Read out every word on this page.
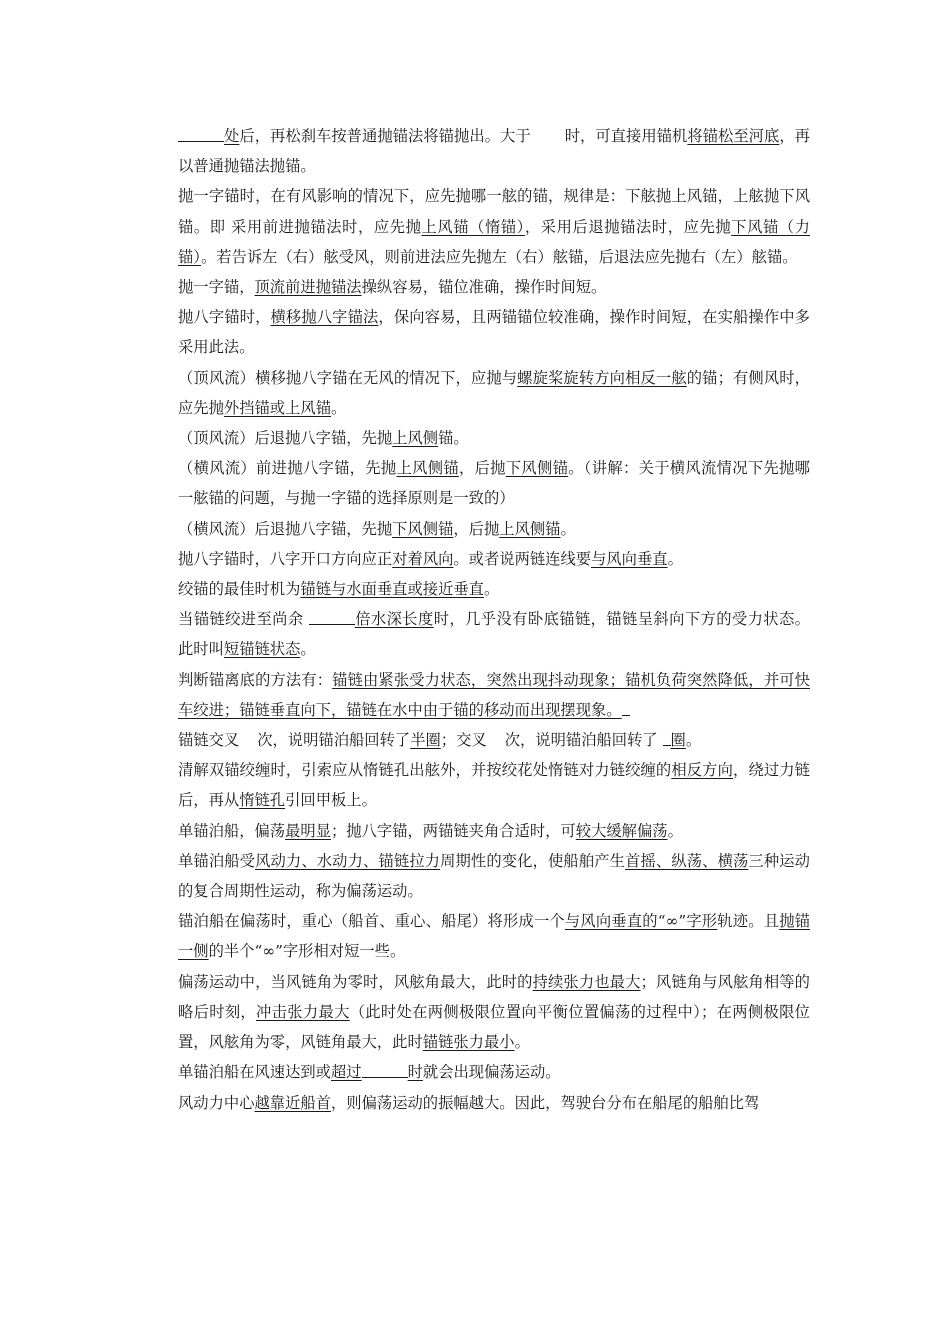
处后，再松刹车按普通抛锚法将锚抛出。大于 时，可直接用锚机将锚松至河底，再以普通抛锚法抛锚。

抛一字锚时，在有风影响的情况下，应先抛哪一舷的锚，规律是：下舷抛上风锚，上舷抛下风锚。即 采用前进抛锚法时，应先抛上风锚（惰锚），采用后退抛锚法时，应先抛下风锚（力锚）。若告诉左（右）舷受风，则前进法应先抛左（右）舷锚，后退法应先抛右（左）舷锚。

抛一字锚，顶流前进抛锚法操纵容易，锚位准确，操作时间短。

抛八字锚时，横移抛八字锚法，保向容易，且两锚锚位较准确，操作时间短，在实船操作中多采用此法。

（顶风流）横移抛八字锚在无风的情况下，应抛与螺旋桨旋转方向相反一舷的锚；有侧风时，应先抛外挡锚或上风锚。

（顶风流）后退抛八字锚，先抛上风侧锚。

（横风流）前进抛八字锚，先抛上风侧锚，后抛下风侧锚。（讲解：关于横风流情况下先抛哪一舷锚的问题，与抛一字锚的选择原则是一致的）

（横风流）后退抛八字锚，先抛下风侧锚，后抛上风侧锚。

抛八字锚时，八字开口方向应正对着风向。或者说两链连线要与风向垂直。

绞锚的最佳时机为锚链与水面垂直或接近垂直。

当锚链绞进至尚余	倍水深长度时，几乎没有卧底锚链，锚链呈斜向下方的受力状态。此时叫短锚链状态。

判断锚离底的方法有：锚链由紧张受力状态，突然出现抖动现象；锚机负荷突然降低，并可快车绞进；锚链垂直向下，锚链在水中由于锚的移动而出现摆现象。

锚链交叉 次，说明锚泊船回转了半圈；交叉 次，说明锚泊船回转了  圈。

清解双锚绞缠时，引索应从惰链孔出舷外，并按绞花处惰链对力链绞缠的相反方向，绕过力链后，再从惰链孔引回甲板上。

单锚泊船，偏荡最明显；抛八字锚，两锚链夹角合适时，可较大缓解偏荡。

单锚泊船受风动力、水动力、锚链拉力周期性的变化，使船舶产生首摇、纵荡、横荡三种运动的复合周期性运动，称为偏荡运动。

锚泊船在偏荡时，重心（船首、重心、船尾）将形成一个与风向垂直的“∞”字形轨迹。且抛锚一侧的半个“∞”字形相对短一些。

偏荡运动中，当风链角为零时，风舷角最大，此时的持续张力也最大；风链角与风舷角相等的略后时刻，冲击张力最大（此时处在两侧极限位置向平衡位置偏荡的过程中）；在两侧极限位置，风舷角为零，风链角最大，此时锚链张力最小。

单锚泊船在风速达到或超过	时就会出现偏荡运动。

风动力中心越靠近船首，则偏荡运动的振幅越大。因此，驾驶台分布在船尾的船舶比驾
